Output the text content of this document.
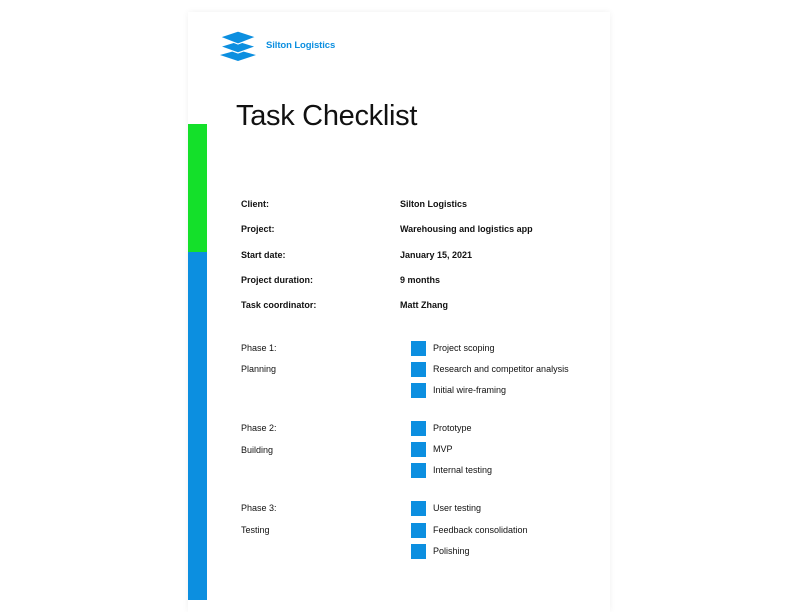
Silton Logistics
Task Checklist
Client:	Silton Logistics
Project:	Warehousing and logistics app
Start date:	January 15, 2021
Project duration:	9 months
Task coordinator:	Matt Zhang
Phase 1:
Planning
Project scoping
Research and competitor analysis
Initial wire-framing
Phase 2:
Building
Prototype
MVP
Internal testing
Phase 3:
Testing
User testing
Feedback consolidation
Polishing
